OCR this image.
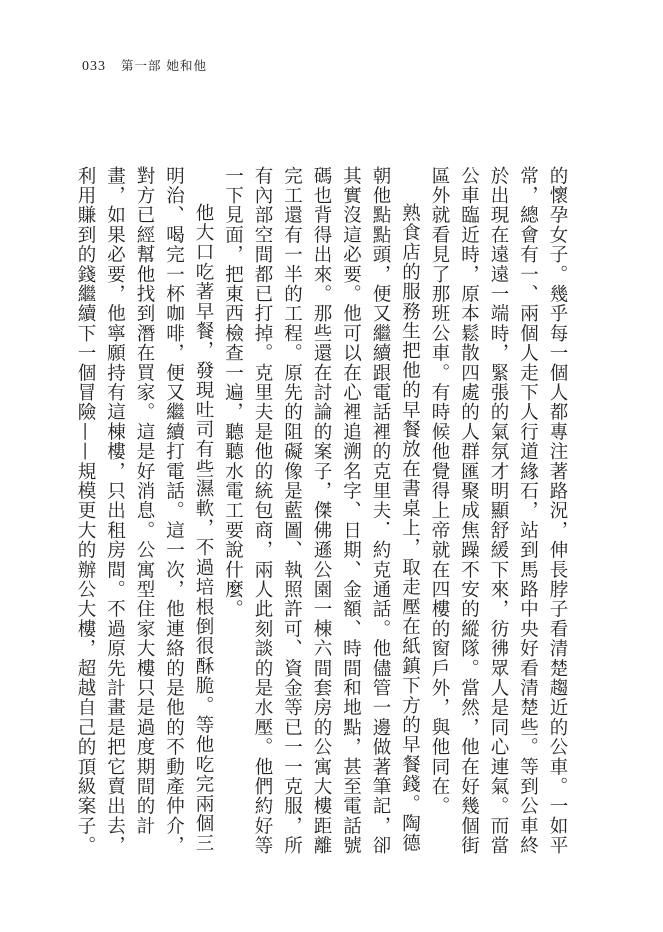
033 第一部 她和他

的懷孕女子。幾乎每一個人都專注著路況，伸長脖子看清楚趨近的公車。一如平常，總會有一、兩個人走下人行道緣石，站到馬路中央好看清楚些。等到公車終於出現在遠遠一端時，緊張的氣氛才明顯舒緩下來，彷彿眾人是同心連氣。而當公車臨近時，原本鬆散四處的人群匯聚成焦躁不安的縱隊。當然，他在好幾個街區外就看見了那班公車。有時候他覺得上帝就在四樓的窗戶外，與他同在。

熟食店的服務生把他的早餐放在書桌上，取走壓在紙鎮下方的早餐錢。陶德朝他點點頭，便又繼續跟電話裡的克里夫．約克通話。他儘管一邊做著筆記，卻其實沒這必要。他可以在心裡追溯名字、日期、金額、時間和地點，甚至電話號碼也背得出來。那些還在討論的案子，傑佛遜公園一棟六間套房的公寓大樓距離完工還有一半的工程。原先的阻礙像是藍圖、執照許可、資金等已一一克服，所有內部空間都已打掉。克里夫是他的統包商，兩人此刻談的是水壓。他們約好等一下見面，把東西檢查一遍，聽聽水電工要說什麼。

他大口吃著早餐，發現吐司有些濕軟，不過培根倒很酥脆。等他吃完兩個三明治、喝完一杯咖啡，便又繼續打電話。這一次，他連絡的是他的不動產仲介，對方已經幫他找到潛在買家。這是好消息。公寓型住家大樓只是過度期間的計畫，如果必要，他寧願持有這棟樓，只出租房間。不過原先計畫是把它賣出去，利用賺到的錢繼續下一個冒險——規模更大的辦公大樓，超越自己的頂級案子。
